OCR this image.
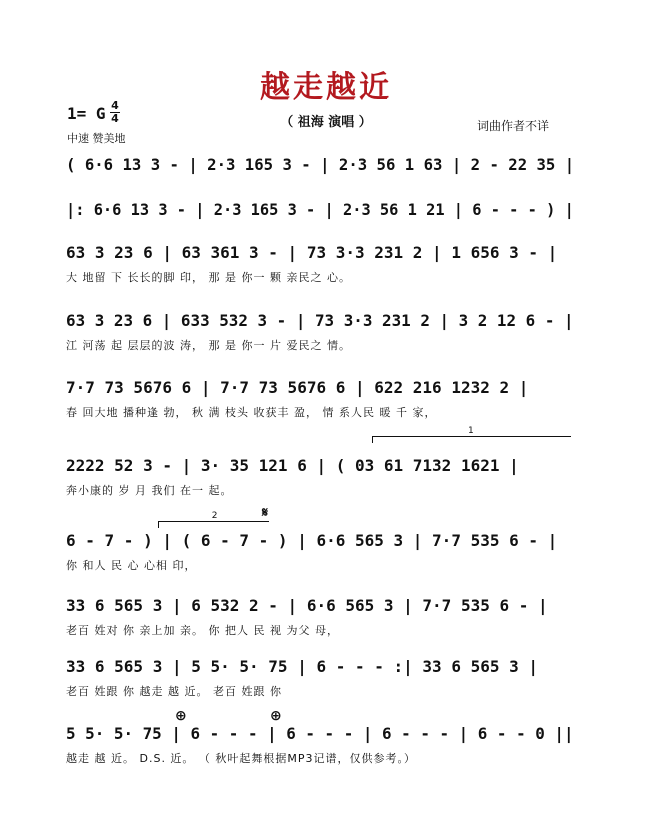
越走越近
（ 祖海 演唱 ）
1= G 4
4
中速 赞美地
词曲作者不详
1
2	𝄋
⊕	⊕
( 6·6 13 3 - | 2·3 165 3 - | 2·3 56 1 63 | 2 - 22 35 |
|: 6·6 13 3 - | 2·3 165 3 - | 2·3 56 1 21 | 6 - - - ) |
63 3 23 6 | 63 361 3 - | 73 3·3 231 2 | 1 656 3 - |
大 地留 下 长长的脚 印， 那 是 你一 颗 亲民之 心。
63 3 23 6 | 633 532 3 - | 73 3·3 231 2 | 3 2 12 6 - |
江 河荡 起 层层的波 涛， 那 是 你一 片 爱民之 情。
7·7 73 5676 6 | 7·7 73 5676 6 | 622 216 1232 2 |
春 回大地 播种逢 勃， 秋 满 枝头 收获丰 盈， 情 系人民 暖 千 家，
2222 52 3 - | 3· 35 121 6 | ( 03 61 7132 1621 |
奔小康的 岁 月 我们 在一 起。
6 - 7 - ) | ( 6 - 7 - ) | 6·6 565 3 | 7·7 535 6 - |
你 和人 民 心 心相 印，
33 6 565 3 | 6 532 2 - | 6·6 565 3 | 7·7 535 6 - |
老百 姓对 你 亲上加 亲。 你 把人 民 视 为父 母，
33 6 565 3 | 5 5· 5· 75 | 6 - - - :| 33 6 565 3 |
老百 姓跟 你 越走 越 近。 老百 姓跟 你
5 5· 5· 75 | 6 - - - | 6 - - - | 6 - - - | 6 - - 0 ||
越走 越 近。 D.S. 近。 （ 秋叶起舞根据MP3记谱，仅供参考。）
